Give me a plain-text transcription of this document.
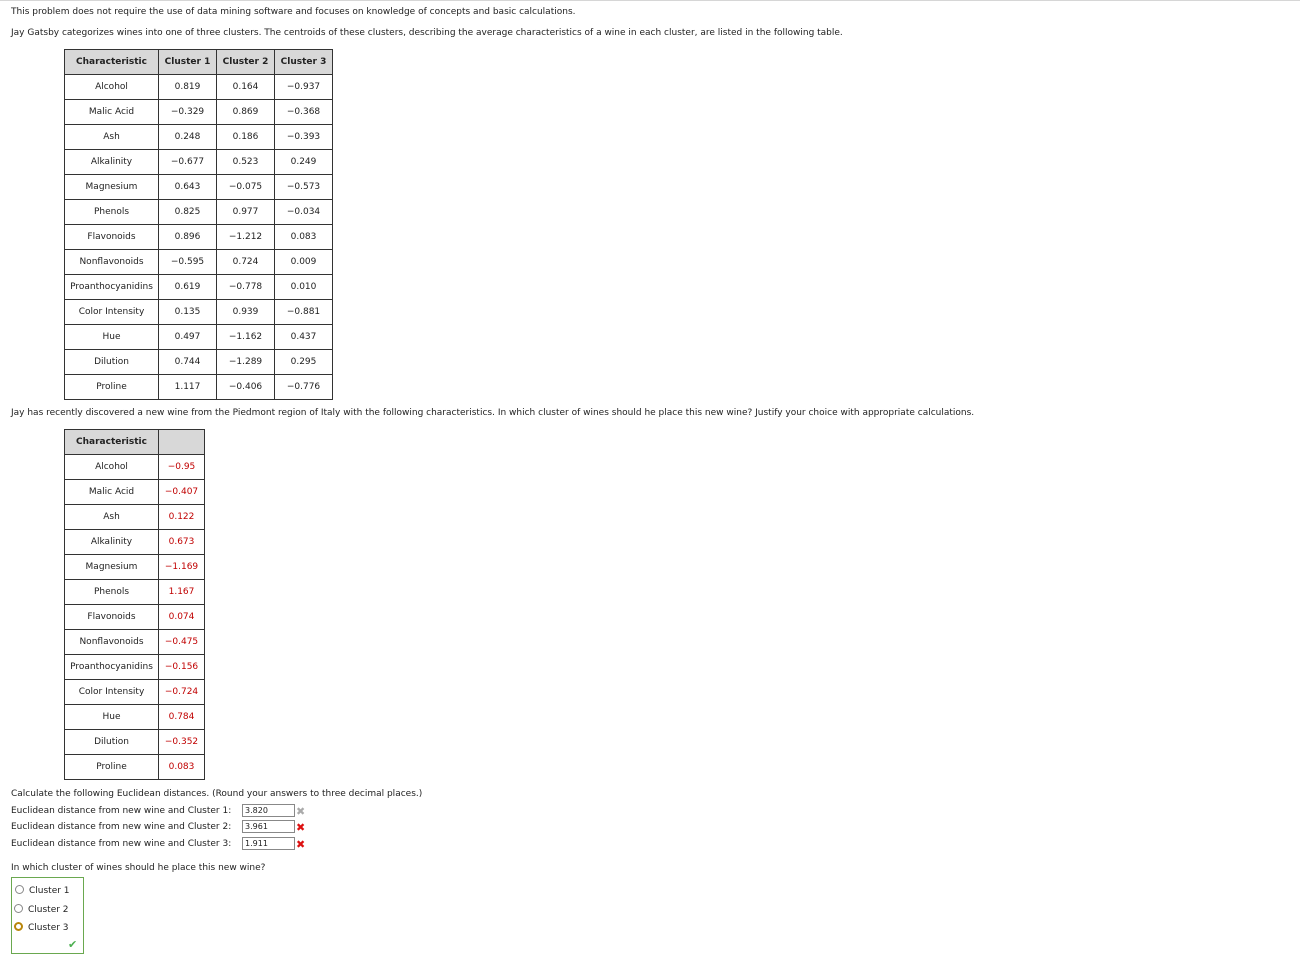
This problem does not require the use of data mining software and focuses on knowledge of concepts and basic calculations.
Jay Gatsby categorizes wines into one of three clusters. The centroids of these clusters, describing the average characteristics of a wine in each cluster, are listed in the following table.
Characteristic	Cluster 1	Cluster 2	Cluster 3
Alcohol	0.819	0.164	−0.937
Malic Acid	−0.329	0.869	−0.368
Ash	0.248	0.186	−0.393
Alkalinity	−0.677	0.523	0.249
Magnesium	0.643	−0.075	−0.573
Phenols	0.825	0.977	−0.034
Flavonoids	0.896	−1.212	0.083
Nonflavonoids	−0.595	0.724	0.009
Proanthocyanidins	0.619	−0.778	0.010
Color Intensity	0.135	0.939	−0.881
Hue	0.497	−1.162	0.437
Dilution	0.744	−1.289	0.295
Proline	1.117	−0.406	−0.776
Jay has recently discovered a new wine from the Piedmont region of Italy with the following characteristics. In which cluster of wines should he place this new wine? Justify your choice with appropriate calculations.
Characteristic	
Alcohol	−0.95
Malic Acid	−0.407
Ash	0.122
Alkalinity	0.673
Magnesium	−1.169
Phenols	1.167
Flavonoids	0.074
Nonflavonoids	−0.475
Proanthocyanidins	−0.156
Color Intensity	−0.724
Hue	0.784
Dilution	−0.352
Proline	0.083
Calculate the following Euclidean distances. (Round your answers to three decimal places.)
Euclidean distance from new wine and Cluster 1:	3.820	✖
Euclidean distance from new wine and Cluster 2:	3.961	✖
Euclidean distance from new wine and Cluster 3:	1.911	✖
In which cluster of wines should he place this new wine?
Cluster 1
Cluster 2
Cluster 3
✔
